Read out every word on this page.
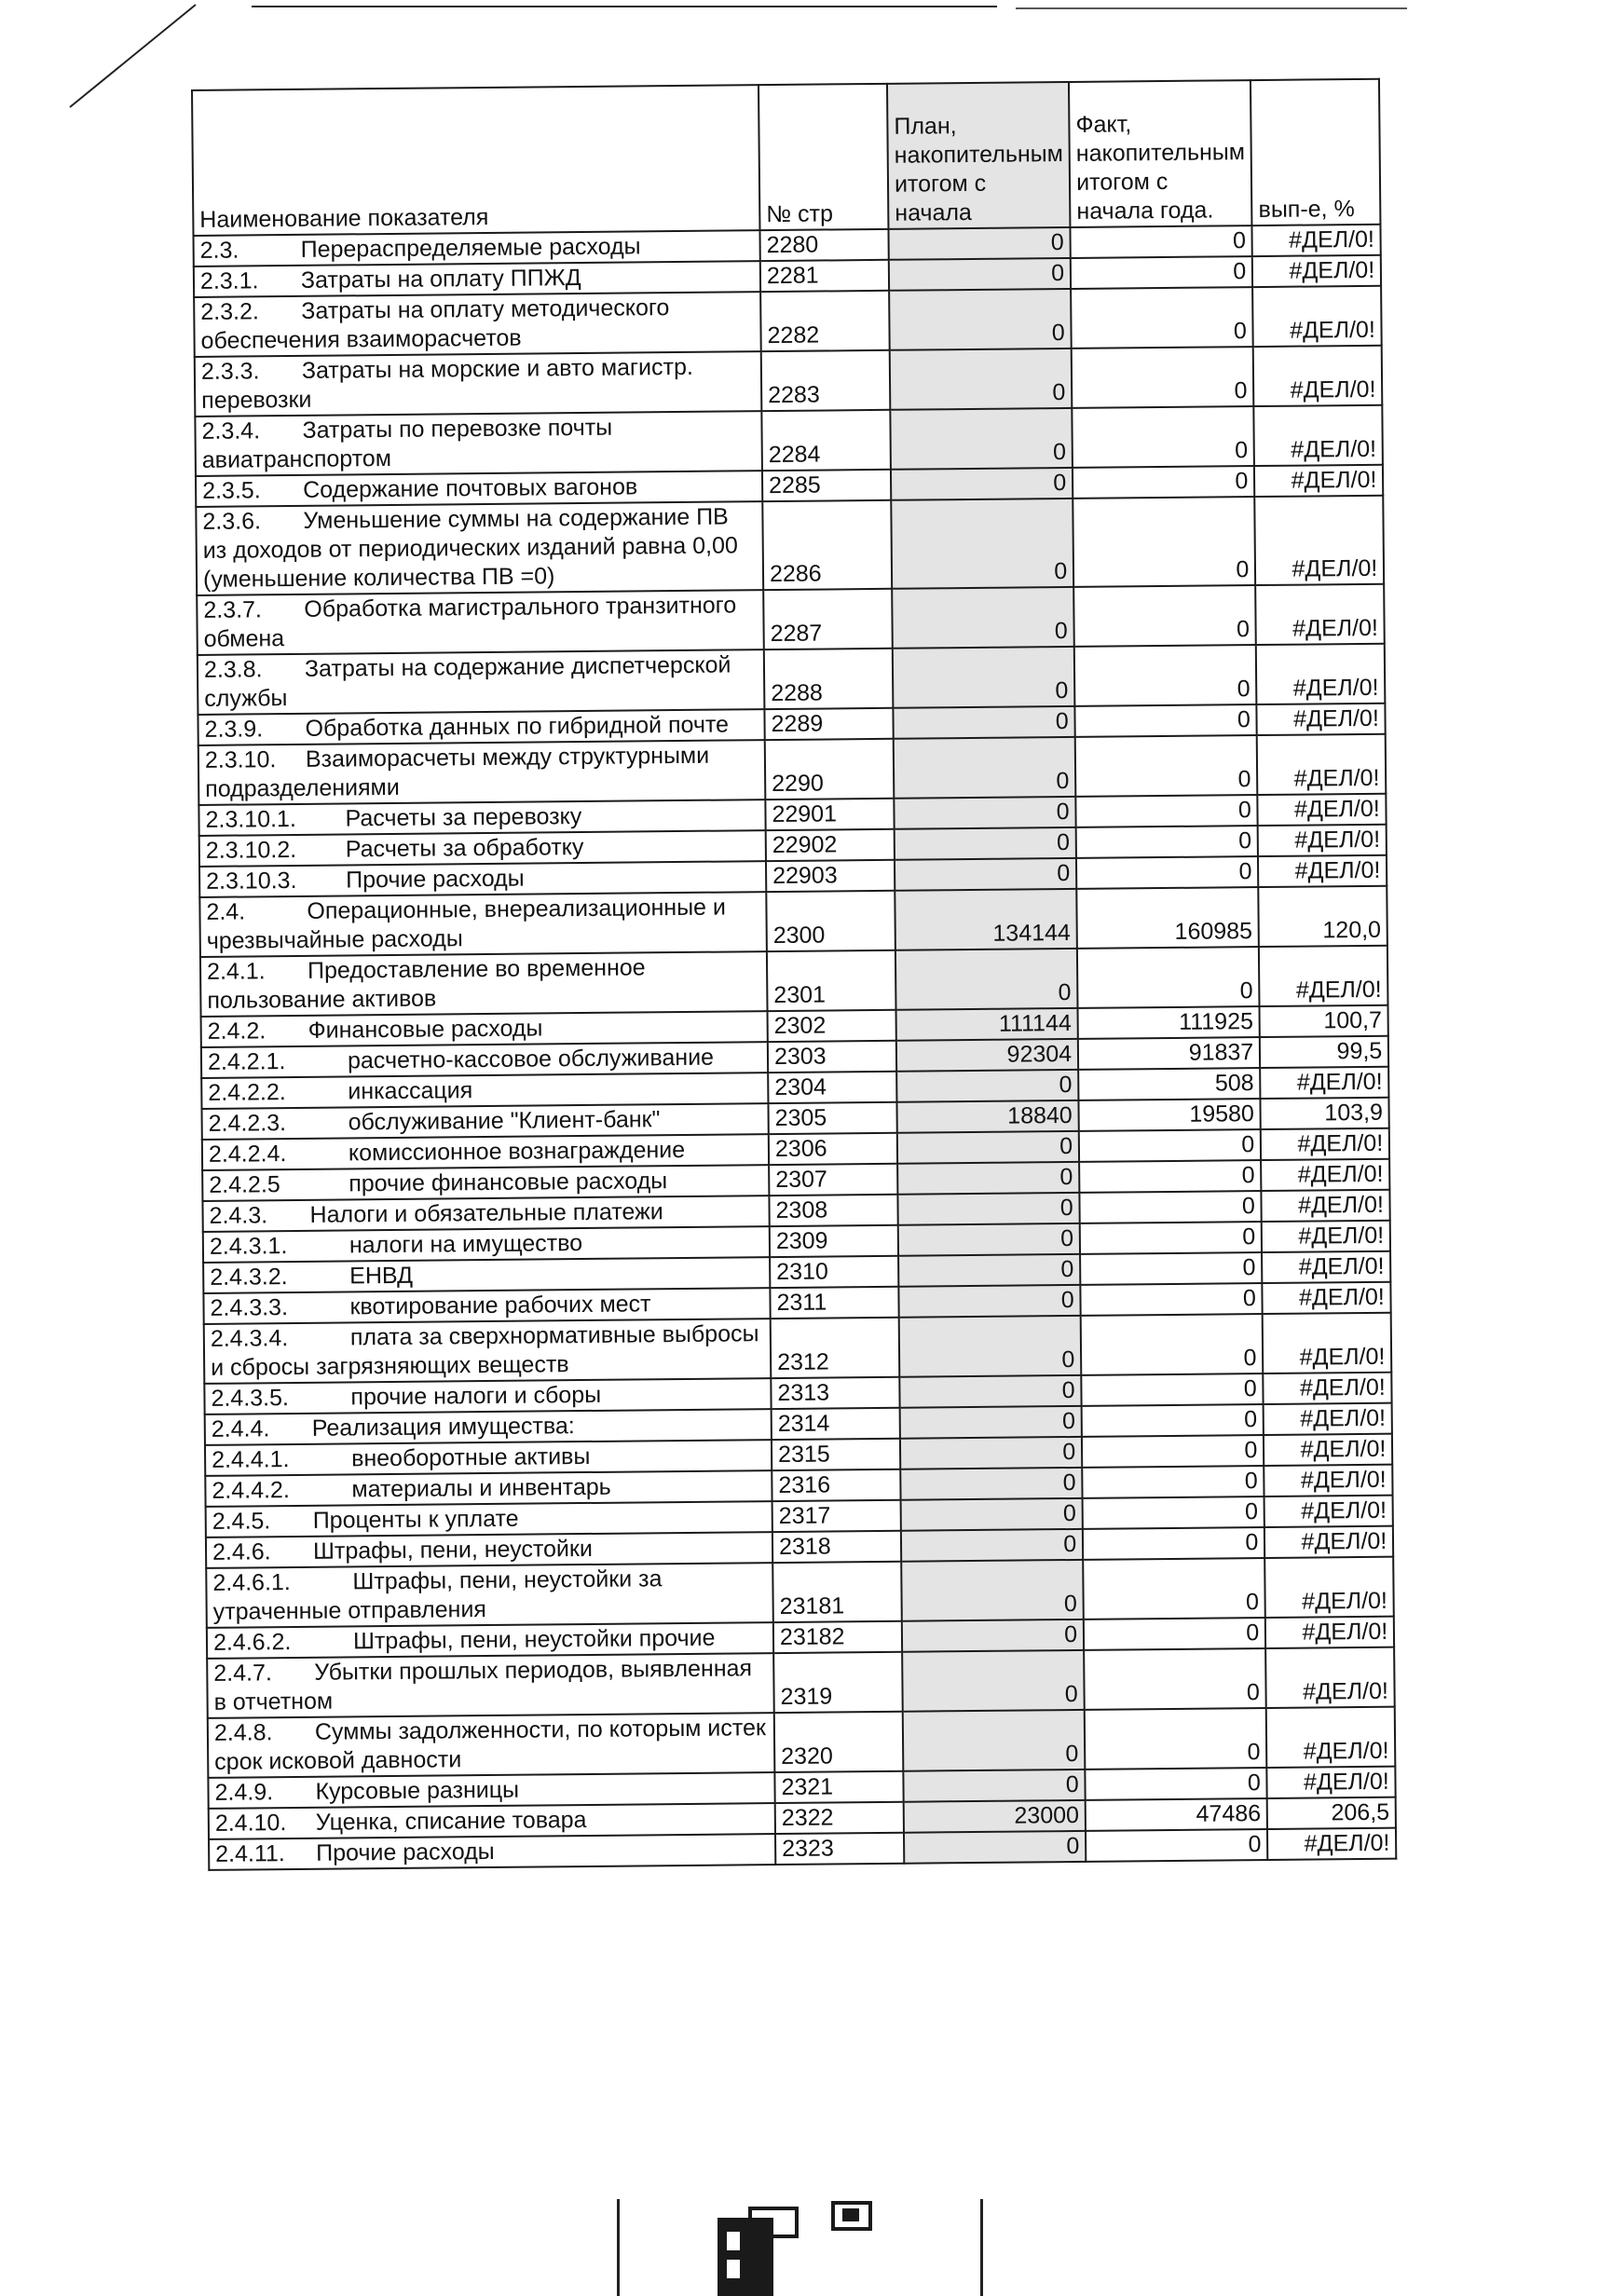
Наименование показателя	№ стр	План, накопительным итогом с начала	Факт, накопительным итогом с начала года.	вып-е, %
2.3. Перераспределяемые расходы	2280	0	0	#ДЕЛ/0!
2.3.1. Затраты на оплату ППЖД	2281	0	0	#ДЕЛ/0!
2.3.2. Затраты на оплату методического обеспечения взаиморасчетов	2282	0	0	#ДЕЛ/0!
2.3.3. Затраты на морские и авто магистр. перевозки	2283	0	0	#ДЕЛ/0!
2.3.4. Затраты по перевозке почты авиатранспортом	2284	0	0	#ДЕЛ/0!
2.3.5. Содержание почтовых вагонов	2285	0	0	#ДЕЛ/0!
2.3.6. Уменьшение суммы на содержание ПВ из доходов от периодических изданий равна 0,00 (уменьшение количества ПВ =0)	2286	0	0	#ДЕЛ/0!
2.3.7. Обработка магистрального транзитного обмена	2287	0	0	#ДЕЛ/0!
2.3.8. Затраты на содержание диспетчерской службы	2288	0	0	#ДЕЛ/0!
2.3.9. Обработка данных по гибридной почте	2289	0	0	#ДЕЛ/0!
2.3.10. Взаиморасчеты между структурными подразделениями	2290	0	0	#ДЕЛ/0!
2.3.10.1. Расчеты за перевозку	22901	0	0	#ДЕЛ/0!
2.3.10.2. Расчеты за обработку	22902	0	0	#ДЕЛ/0!
2.3.10.3. Прочие расходы	22903	0	0	#ДЕЛ/0!
2.4. Операционные, внереализационные и чрезвычайные расходы	2300	134144	160985	120,0
2.4.1. Предоставление во временное пользование активов	2301	0	0	#ДЕЛ/0!
2.4.2. Финансовые расходы	2302	111144	111925	100,7
2.4.2.1. расчетно-кассовое обслуживание	2303	92304	91837	99,5
2.4.2.2. инкассация	2304	0	508	#ДЕЛ/0!
2.4.2.3. обслуживание "Клиент-банк"	2305	18840	19580	103,9
2.4.2.4. комиссионное вознаграждение	2306	0	0	#ДЕЛ/0!
2.4.2.5 прочие финансовые расходы	2307	0	0	#ДЕЛ/0!
2.4.3. Налоги и обязательные платежи	2308	0	0	#ДЕЛ/0!
2.4.3.1. налоги на имущество	2309	0	0	#ДЕЛ/0!
2.4.3.2. ЕНВД	2310	0	0	#ДЕЛ/0!
2.4.3.3. квотирование рабочих мест	2311	0	0	#ДЕЛ/0!
2.4.3.4. плата за сверхнормативные выбросы и сбросы загрязняющих веществ	2312	0	0	#ДЕЛ/0!
2.4.3.5. прочие налоги и сборы	2313	0	0	#ДЕЛ/0!
2.4.4. Реализация имущества:	2314	0	0	#ДЕЛ/0!
2.4.4.1. внеоборотные активы	2315	0	0	#ДЕЛ/0!
2.4.4.2. материалы и инвентарь	2316	0	0	#ДЕЛ/0!
2.4.5. Проценты к уплате	2317	0	0	#ДЕЛ/0!
2.4.6. Штрафы, пени, неустойки	2318	0	0	#ДЕЛ/0!
2.4.6.1. Штрафы, пени, неустойки за утраченные отправления	23181	0	0	#ДЕЛ/0!
2.4.6.2. Штрафы, пени, неустойки прочие	23182	0	0	#ДЕЛ/0!
2.4.7. Убытки прошлых периодов, выявленная в отчетном	2319	0	0	#ДЕЛ/0!
2.4.8. Суммы задолженности, по которым истек срок исковой давности	2320	0	0	#ДЕЛ/0!
2.4.9. Курсовые разницы	2321	0	0	#ДЕЛ/0!
2.4.10. Уценка, списание товара	2322	23000	47486	206,5
2.4.11. Прочие расходы	2323	0	0	#ДЕЛ/0!
